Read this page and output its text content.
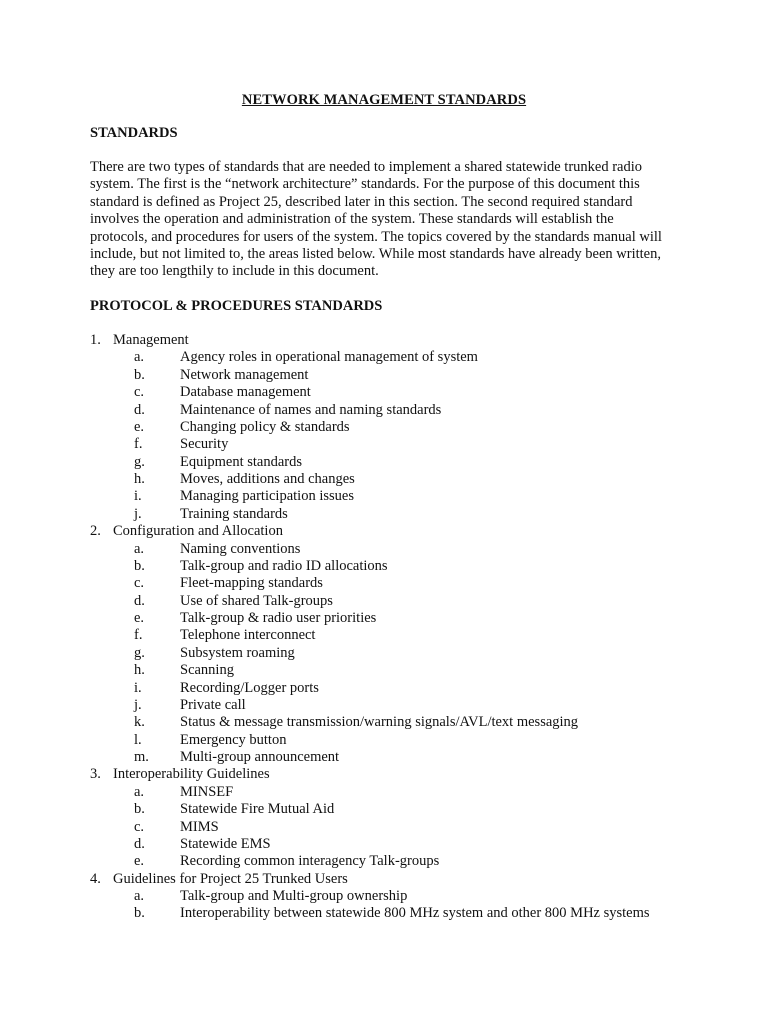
NETWORK MANAGEMENT STANDARDS
STANDARDS
There are two types of standards that are needed to implement a shared statewide trunked radio
system. The first is the “network architecture” standards. For the purpose of this document this
standard is defined as Project 25, described later in this section. The second required standard
involves the operation and administration of the system. These standards will establish the
protocols, and procedures for users of the system. The topics covered by the standards manual will
include, but not limited to, the areas listed below. While most standards have already been written,
they are too lengthily to include in this document.
PROTOCOL & PROCEDURES STANDARDS
1. Management
a. Agency roles in operational management of system
b. Network management
c. Database management
d. Maintenance of names and naming standards
e. Changing policy & standards
f.	Security
g. Equipment standards
h. Moves, additions and changes
i.	Managing participation issues
j.	Training standards
2. Configuration and Allocation
a. Naming conventions
b. Talk-group and radio ID allocations
c. Fleet-mapping standards
d. Use of shared Talk-groups
e. Talk-group & radio user priorities
f.	Telephone interconnect
g. Subsystem roaming
h. Scanning
i.	Recording/Logger ports
j.	Private call
k. Status & message transmission/warning signals/AVL/text messaging
l.	Emergency button
m. Multi-group announcement
3. Interoperability Guidelines
a. MINSEF
b. Statewide Fire Mutual Aid
c. MIMS
d. Statewide EMS
e. Recording common interagency Talk-groups
4. Guidelines for Project 25 Trunked Users
a. Talk-group and Multi-group ownership
b. Interoperability between statewide 800 MHz system and other 800 MHz systems
